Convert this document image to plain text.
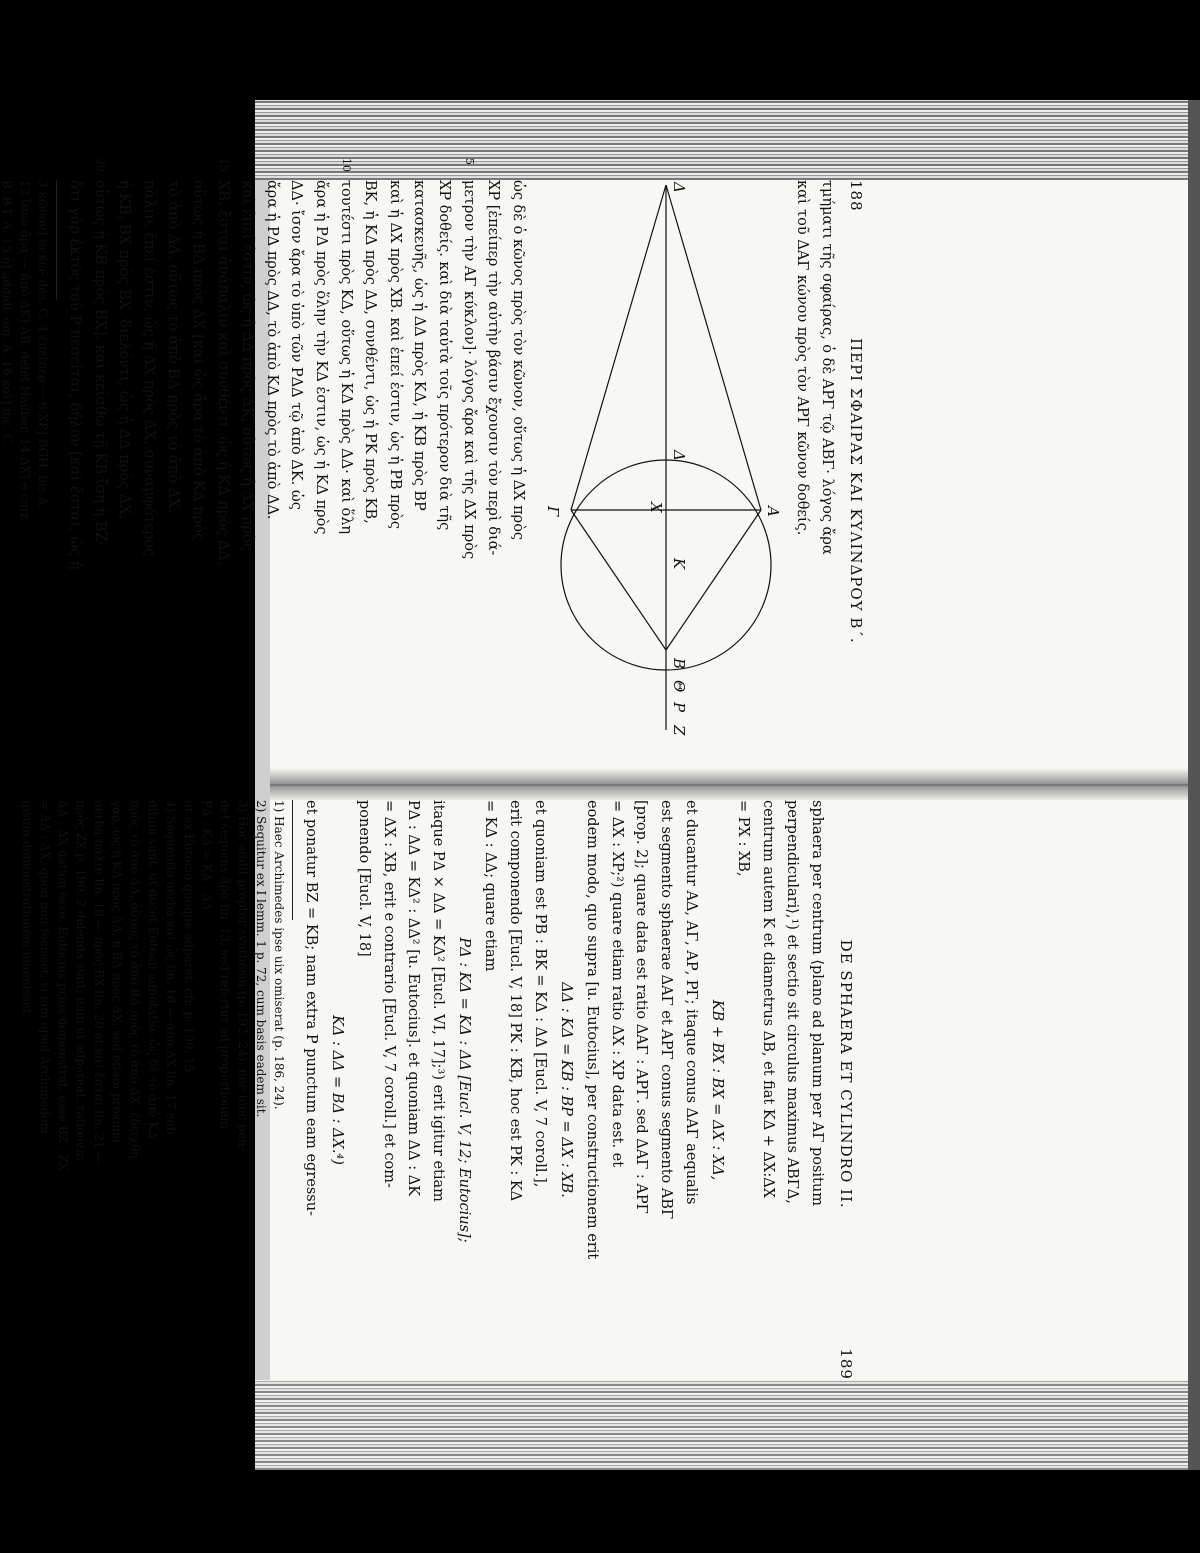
188
ΠΕΡΙ ΣΦΑΙΡΑΣ ΚΑΙ ΚΥΛΙΝΔΡΟΥ Β΄.
τμήματι τῆς σφαίρας, ὁ δὲ ΑΡΓ τῷ ΑΒΓ· λόγος ἄρα
καὶ τοῦ ΔΑΓ κώνου πρὸς τὸν ΑΡΓ κῶνον δοθείς.
Δ
Δ
Κ
Χ
Β
Θ
Ρ
Ζ
Α
Γ
ὡς δὲ ὁ κῶνος πρὸς τὸν κῶνον, οὕτως ἡ ΔΧ πρὸς
ΧΡ [ἐπείπερ τὴν αὐτὴν βάσιν ἔχουσιν τὸν περὶ διά-
5
μετρον τὴν ΑΓ κύκλον]· λόγος ἄρα καὶ τῆς ΔΧ πρὸς
ΧΡ δοθείς. καὶ διὰ ταὐτὰ τοῖς πρότερον διὰ τῆς
κατασκευῆς, ὡς ἡ ΔΔ πρὸς ΚΔ, ἡ ΚΒ πρὸς ΒΡ
καὶ ἡ ΔΧ πρὸς ΧΒ. καὶ ἐπεί ἐστιν, ὡς ἡ ΡΒ πρὸς
ΒΚ, ἡ ΚΔ πρὸς ΔΔ, συνθέντι, ὡς ἡ ΡΚ πρὸς ΚΒ,
10
τουτέστι πρὸς ΚΔ, οὕτως ἡ ΚΔ πρὸς ΔΔ· καὶ ὅλη
ἄρα ἡ ΡΔ πρὸς ὅλην τὴν ΚΔ ἐστιν, ὡς ἡ ΚΔ πρὸς
ΔΔ· ἴσον ἄρα τὸ ὑπὸ τῶν ΡΔΔ τῷ ἀπὸ ΔΚ. ὡς
ἄρα ἡ ΡΔ πρὸς ΔΔ, τὸ ἀπὸ ΚΔ πρὸς τὸ ἀπὸ ΔΔ.
καὶ ἐπεί ἐστιν, ὡς ἡ ΔΔ πρὸς ΔΚ, οὕτως ἡ ΔΧ πρὸς
15
ΧΒ, ἔσται ἀνάπαλιν καὶ συνθέντι, ὡς ἡ ΚΔ πρὸς ΔΔ,
οὕτως ἡ ΒΔ πρὸς ΔΧ [καὶ ὡς ἄρα τὸ ἀπὸ ΚΔ πρὸς
τὸ ἀπὸ ΔΔ, οὕτως τὸ ἀπὸ ΒΔ πρὸς τὸ ἀπὸ ΔΧ.
πάλιν, ἐπεί ἐστιν, ὡς ἡ ΔΧ πρὸς ΔΧ, συναμφότερος
ἡ ΚΒ, ΒΧ πρὸς ΒΧ, διελόντι, ὡς ἡ ΔΔ πρὸς ΔΧ,
20
οὕτως ἡ ΚΒ πρὸς ΒΧ]. καὶ κείσθω τῇ ΚΒ ἴση ἡ ΒΖ·
ὅτι γὰρ ἐκτὸς τοῦ Ρ πεσεῖται, δῆλον [καὶ ἔσται, ὡς ἡ
3 κῶνον] in κω- des. C. 4 ἐπείπερ — 6 ΧΡ] BGH, bis A.
12 ἴσον ἄρα — ἀπὸ ΔΚ] ΑΒ, delet Hauber. 14 ΔΧ] e corr.
B, B Γ A. 15 ἡ] addidi, om. A. 16 καὶ] inc. C.
DE SPHAERA ET CYLINDRO II.
189
sphaera per centrum ⟨plano ad planum per ΑΓ positum
perpendiculari⟩,¹) et sectio sit circulus maximus ΑΒΓΔ,
centrum autem K et diametrus ΔB, et fiat KΔ + ΔX:ΔX
= PX : XB,
KB + BX : BX = ΔX : XΔ,
et ducantur ΑΔ, ΑΓ, ΑΡ, ΡΓ; itaque conus ΔΑΓ aequalis
est segmento sphaerae ΔΑΓ et ΑΡΓ conus segmento ΑΒΓ
[prop. 2]; quare data est ratio ΔΑΓ : ΑΡΓ. sed ΔΑΓ : ΑΡΓ
= ΔX : XP;²) quare etiam ratio ΔX : XP data est. et
eodem modo, quo supra [u. Eutocius], per constructionem erit
ΔΔ : KΔ = KB : BP = ΔX : XB.
et quoniam est PB : BK = KΔ : ΔΔ [Eucl. V, 7 coroll.],
erit componendo [Eucl. V, 18] PK : KB, hoc est PK : KΔ
= KΔ : ΔΔ; quare etiam
PΔ : KΔ = KΔ : ΔΔ [Eucl. V, 12; Eutocius];
itaque PΔ × ΔΔ = KΔ² [Eucl. VI, 17];³) erit igitur etiam
PΔ : ΔΔ = KΔ² : ΔΔ² [u. Eutocius]. et quoniam ΔΔ : ΔK
= ΔX : XB, erit e contrario [Eucl. V, 7 coroll.] et com-
ponendo [Eucl. V, 18]
KΔ : ΔΔ = BΔ : ΔX.⁴)
et ponatur BZ = KB; nam extra P punctum eam egressu-
1) Haec Archimedes ipse uix omiserat (p. 186, 24).
2) Sequitur ex I lemm. 1 p. 72, cum basis eadem sit.
3) Hoc addit propter synthesin (p. 192, 24). nec hinc pen-
det sequens ἄρα lin. 13, sed refertur ad proportionem
PΔ : KΔ = KΔ : ΔΔ,
ut ex Eutocio quoque adparet. cfr. p. 190, 15.
4) Sequentia uerba καὶ ὡς lin. 16 — ἀπὸ ΔΧ lin. 17 sub-
ditiua sunt, ut docet Eutocii adnotatio: ὡς δὲ τὸ ἀπὸ ΚΔ
πρὸς τὸ ἀπὸ ΔΔ, οὕτως τὸ ἀπὸ ΒΔ πρὸς τὸ ἀπὸ ΔΧ. ἐδείχθη
γάρ, ὡς ἡ ΚΔ πρὸς ΔΔ, ἡ ΒΔ πρὸς ΔΧ, sed etiam proxima
uerba πάλιν lin. 18 — πρὸς ΒΧ lin. 20 et καὶ ἔσται lin. 21 —
πρὸς ΖΧ p. 190, 2 delenda sunt; nam ut adpareat, rationem
ΔΔ : ΔΧ datam esse, Eutocius prius demonstrat, esse ΒΖ : ΖΧ
= ΔΔ : ΔΧ, quod non fecisset, si iam apud Archimedem
ipsum demonstrationem inuenisset.
